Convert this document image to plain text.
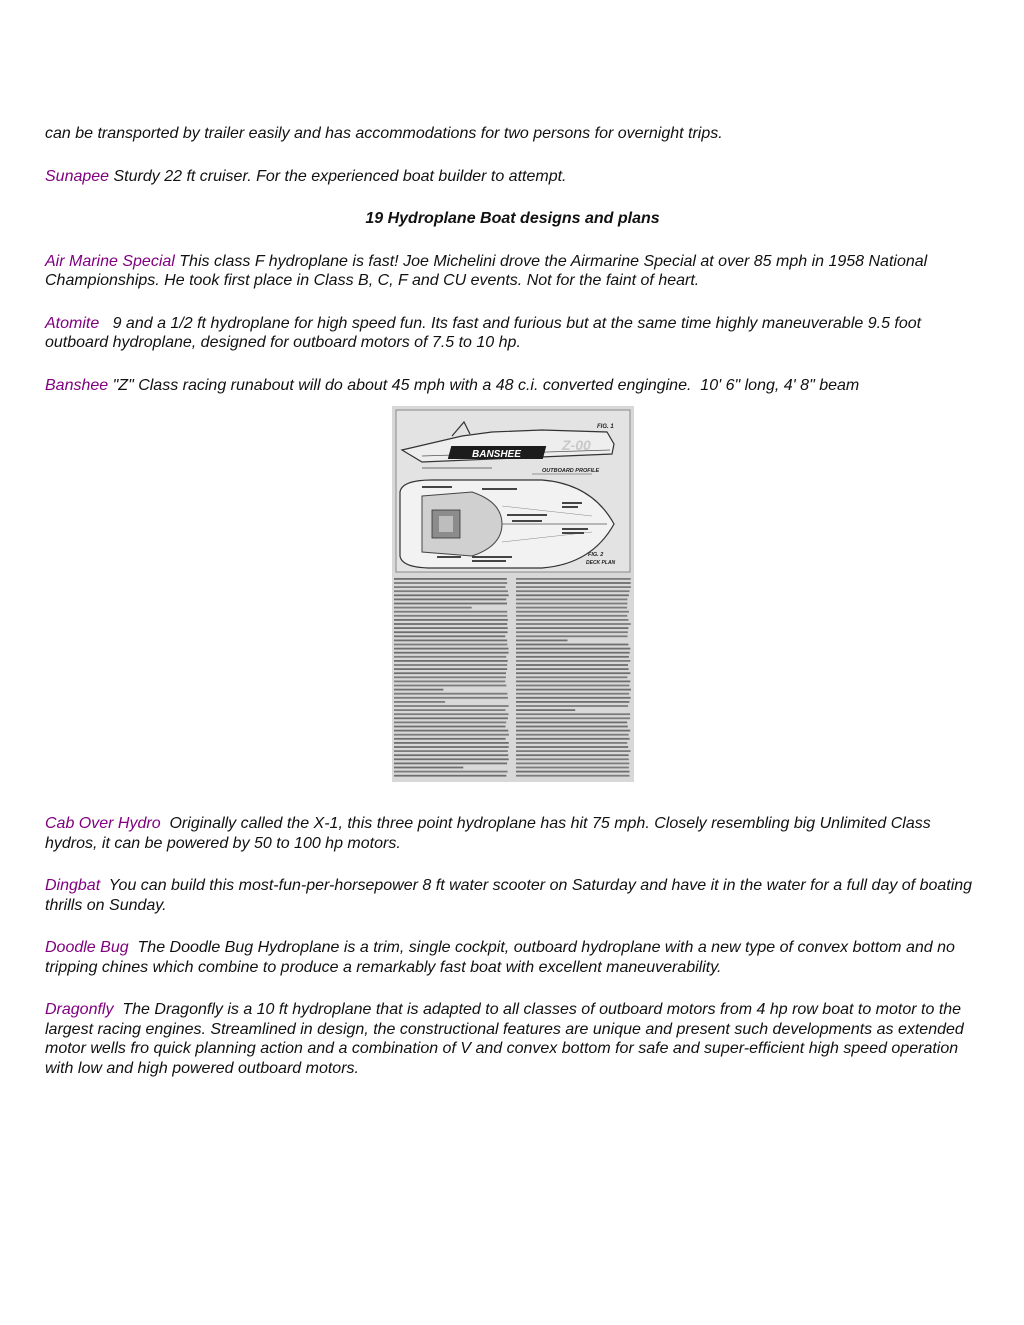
can be transported by trailer easily and has accommodations for two persons for overnight trips.

Sunapee Sturdy 22 ft cruiser. For the experienced boat builder to attempt.

19 Hydroplane Boat designs and plans

Air Marine Special This class F hydroplane is fast! Joe Michelini drove the Airmarine Special at over 85 mph in 1958 National Championships. He took first place in Class B, C, F and CU events. Not for the faint of heart.

Atomite   9 and a 1/2 ft hydroplane for high speed fun. Its fast and furious but at the same time highly maneuverable 9.5 foot outboard hydroplane, designed for outboard motors of 7.5 to 10 hp.

Banshee "Z" Class racing runabout will do about 45 mph with a 48 c.i. converted engingine.  10' 6" long, 4' 8" beam

BANSHEE
Z-00
FIG. 1
OUTBOARD PROFILE
FIG. 2
DECK PLAN

Cab Over Hydro  Originally called the X-1, this three point hydroplane has hit 75 mph. Closely resembling big Unlimited Class hydros, it can be powered by 50 to 100 hp motors.

Dingbat  You can build this most-fun-per-horsepower 8 ft water scooter on Saturday and have it in the water for a full day of boating thrills on Sunday.

Doodle Bug  The Doodle Bug Hydroplane is a trim, single cockpit, outboard hydroplane with a new type of convex bottom and no tripping chines which combine to produce a remarkably fast boat with excellent maneuverability.

Dragonfly  The Dragonfly is a 10 ft hydroplane that is adapted to all classes of outboard motors from 4 hp row boat to motor to the largest racing engines. Streamlined in design, the constructional features are unique and present such developments as extended motor wells fro quick planning action and a combination of V and convex bottom for safe and super-efficient high speed operation with low and high powered outboard motors.
